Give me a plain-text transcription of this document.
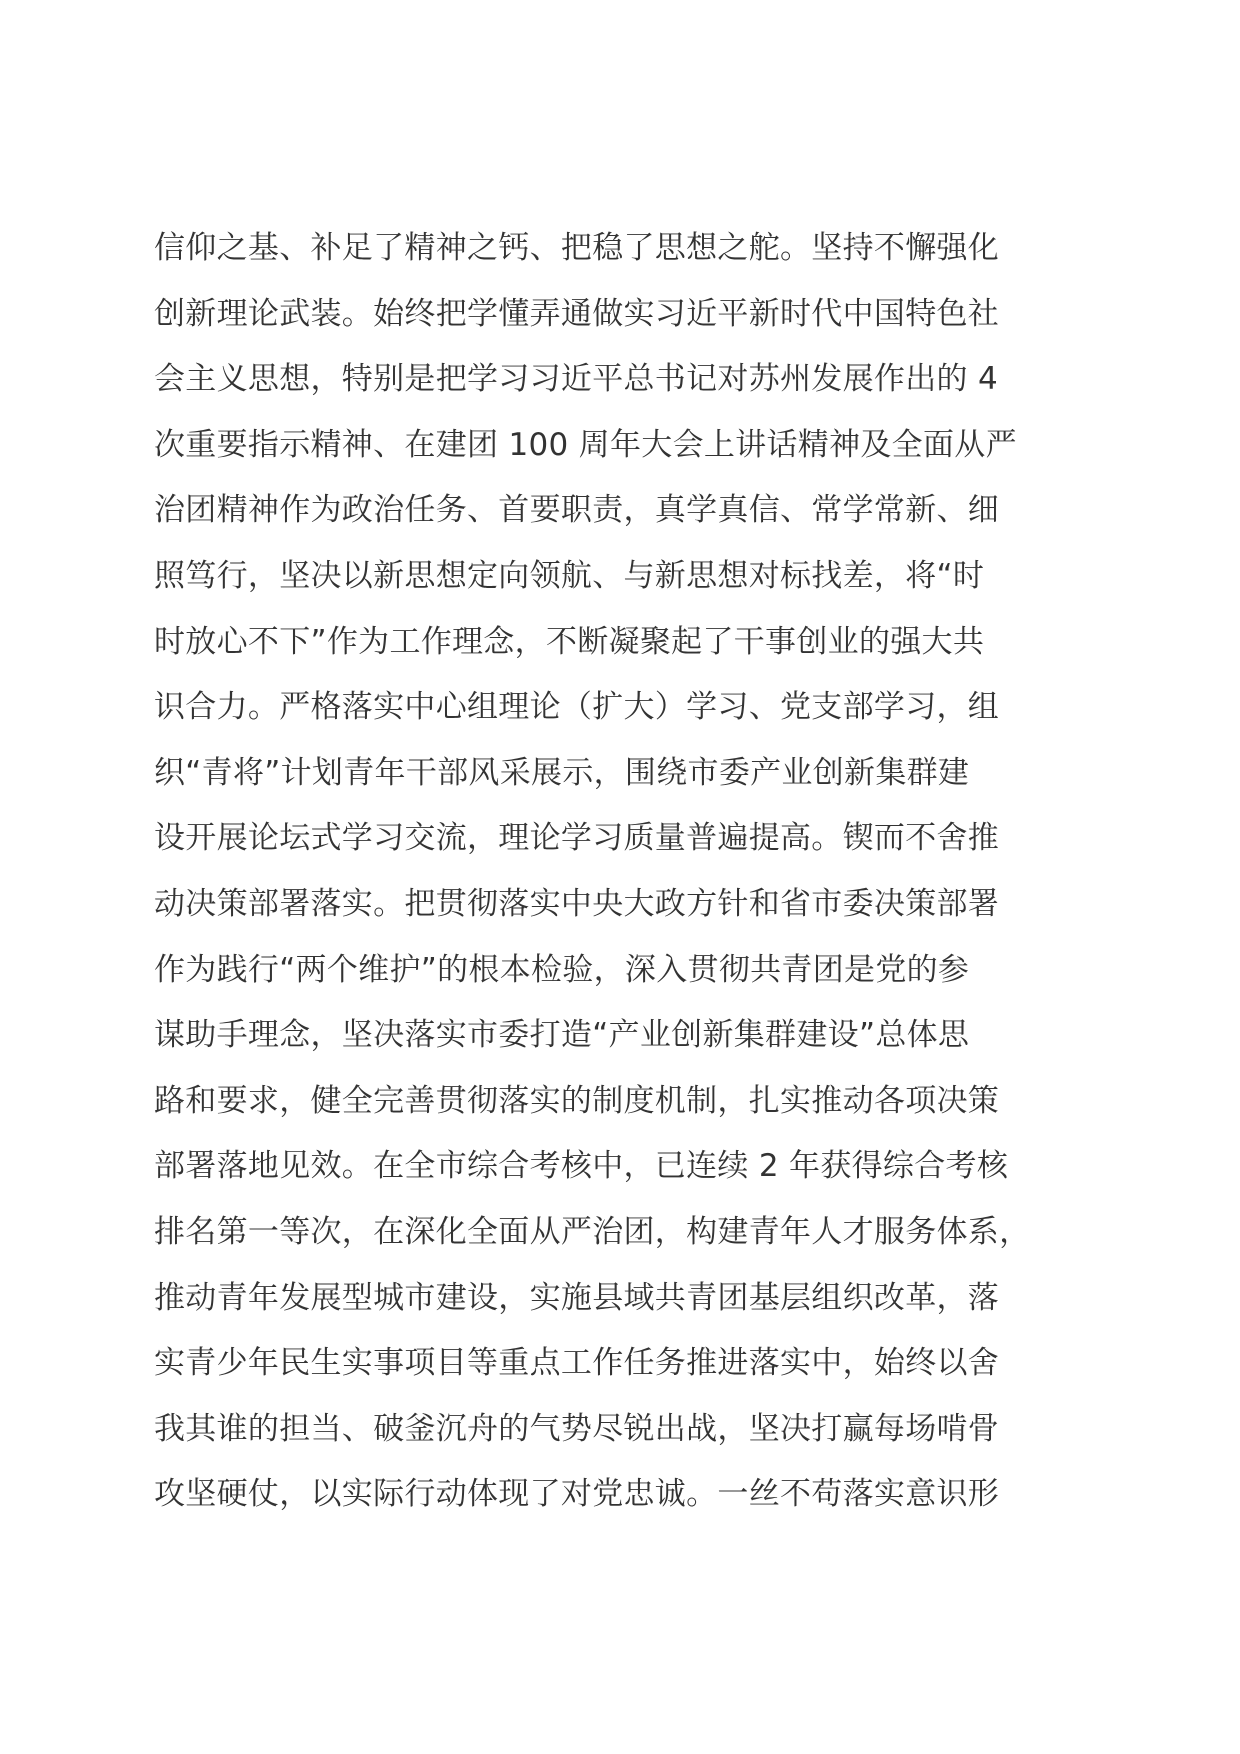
信仰之基、补足了精神之钙、把稳了思想之舵。坚持不懈强化
创新理论武装。始终把学懂弄通做实习近平新时代中国特色社
会主义思想，特别是把学习习近平总书记对苏州发展作出的 4
次重要指示精神、在建团 100 周年大会上讲话精神及全面从严
治团精神作为政治任务、首要职责，真学真信、常学常新、细
照笃行，坚决以新思想定向领航、与新思想对标找差，将“时
时放心不下”作为工作理念，不断凝聚起了干事创业的强大共
识合力。严格落实中心组理论（扩大）学习、党支部学习，组
织“青将”计划青年干部风采展示，围绕市委产业创新集群建
设开展论坛式学习交流，理论学习质量普遍提高。锲而不舍推
动决策部署落实。把贯彻落实中央大政方针和省市委决策部署
作为践行“两个维护”的根本检验，深入贯彻共青团是党的参
谋助手理念，坚决落实市委打造“产业创新集群建设”总体思
路和要求，健全完善贯彻落实的制度机制，扎实推动各项决策
部署落地见效。在全市综合考核中，已连续 2 年获得综合考核
排名第一等次，在深化全面从严治团，构建青年人才服务体系，
推动青年发展型城市建设，实施县域共青团基层组织改革，落
实青少年民生实事项目等重点工作任务推进落实中，始终以舍
我其谁的担当、破釜沉舟的气势尽锐出战，坚决打赢每场啃骨
攻坚硬仗，以实际行动体现了对党忠诚。一丝不苟落实意识形
